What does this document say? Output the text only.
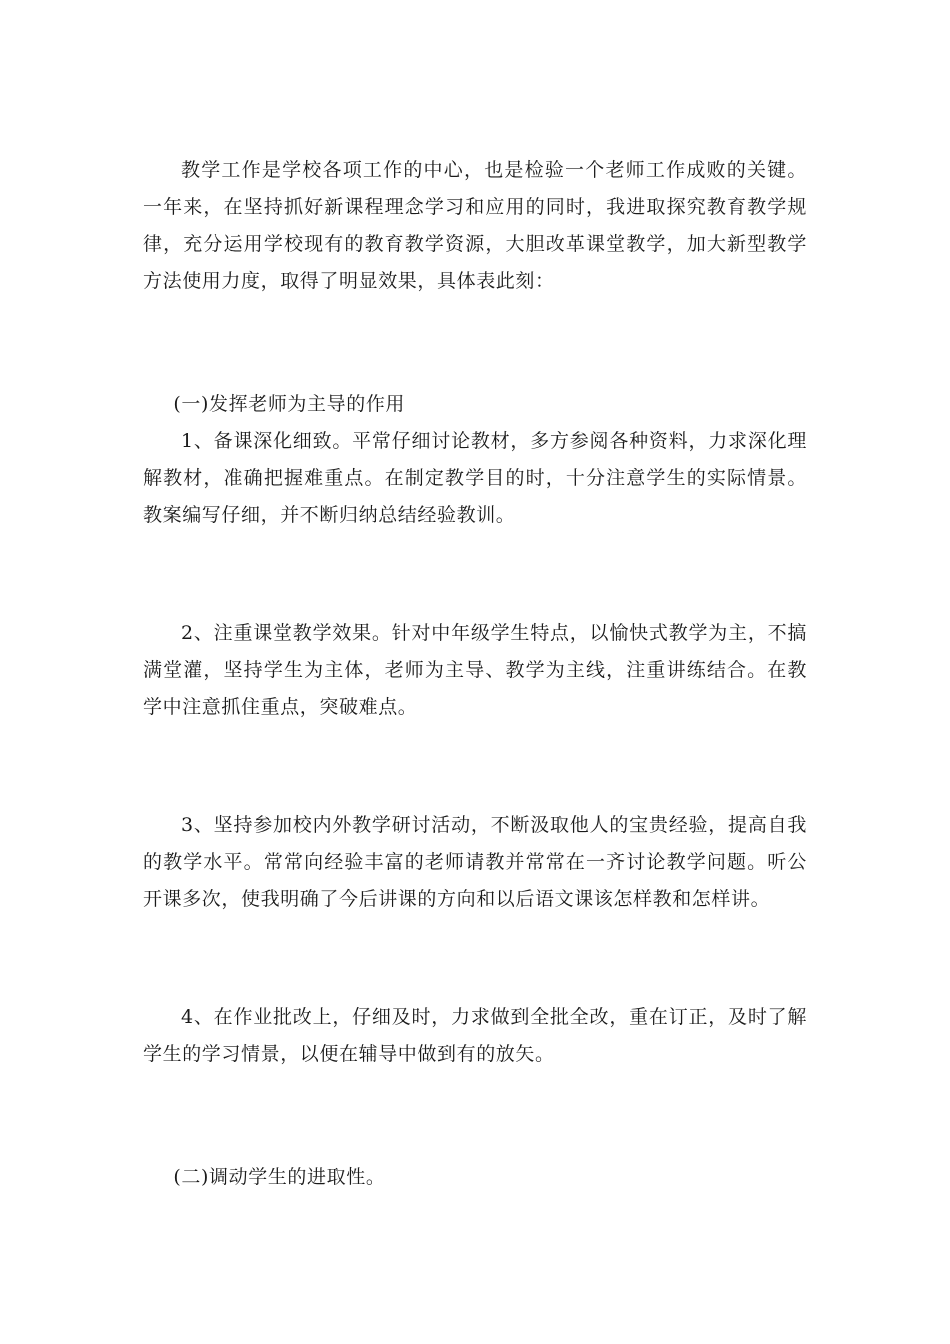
教学工作是学校各项工作的中心，也是检验一个老师工作成败的关键。一年来，在坚持抓好新课程理念学习和应用的同时，我进取探究教育教学规律，充分运用学校现有的教育教学资源，大胆改革课堂教学，加大新型教学方法使用力度，取得了明显效果，具体表此刻：

(一)发挥老师为主导的作用

1、备课深化细致。平常仔细讨论教材，多方参阅各种资料，力求深化理解教材，准确把握难重点。在制定教学目的时，十分注意学生的实际情景。教案编写仔细，并不断归纳总结经验教训。

2、注重课堂教学效果。针对中年级学生特点，以愉快式教学为主，不搞满堂灌，坚持学生为主体，老师为主导、教学为主线，注重讲练结合。在教学中注意抓住重点，突破难点。

3、坚持参加校内外教学研讨活动，不断汲取他人的宝贵经验，提高自我的教学水平。常常向经验丰富的老师请教并常常在一齐讨论教学问题。听公开课多次，使我明确了今后讲课的方向和以后语文课该怎样教和怎样讲。

4、在作业批改上，仔细及时，力求做到全批全改，重在订正，及时了解学生的学习情景，以便在辅导中做到有的放矢。

(二)调动学生的进取性。
